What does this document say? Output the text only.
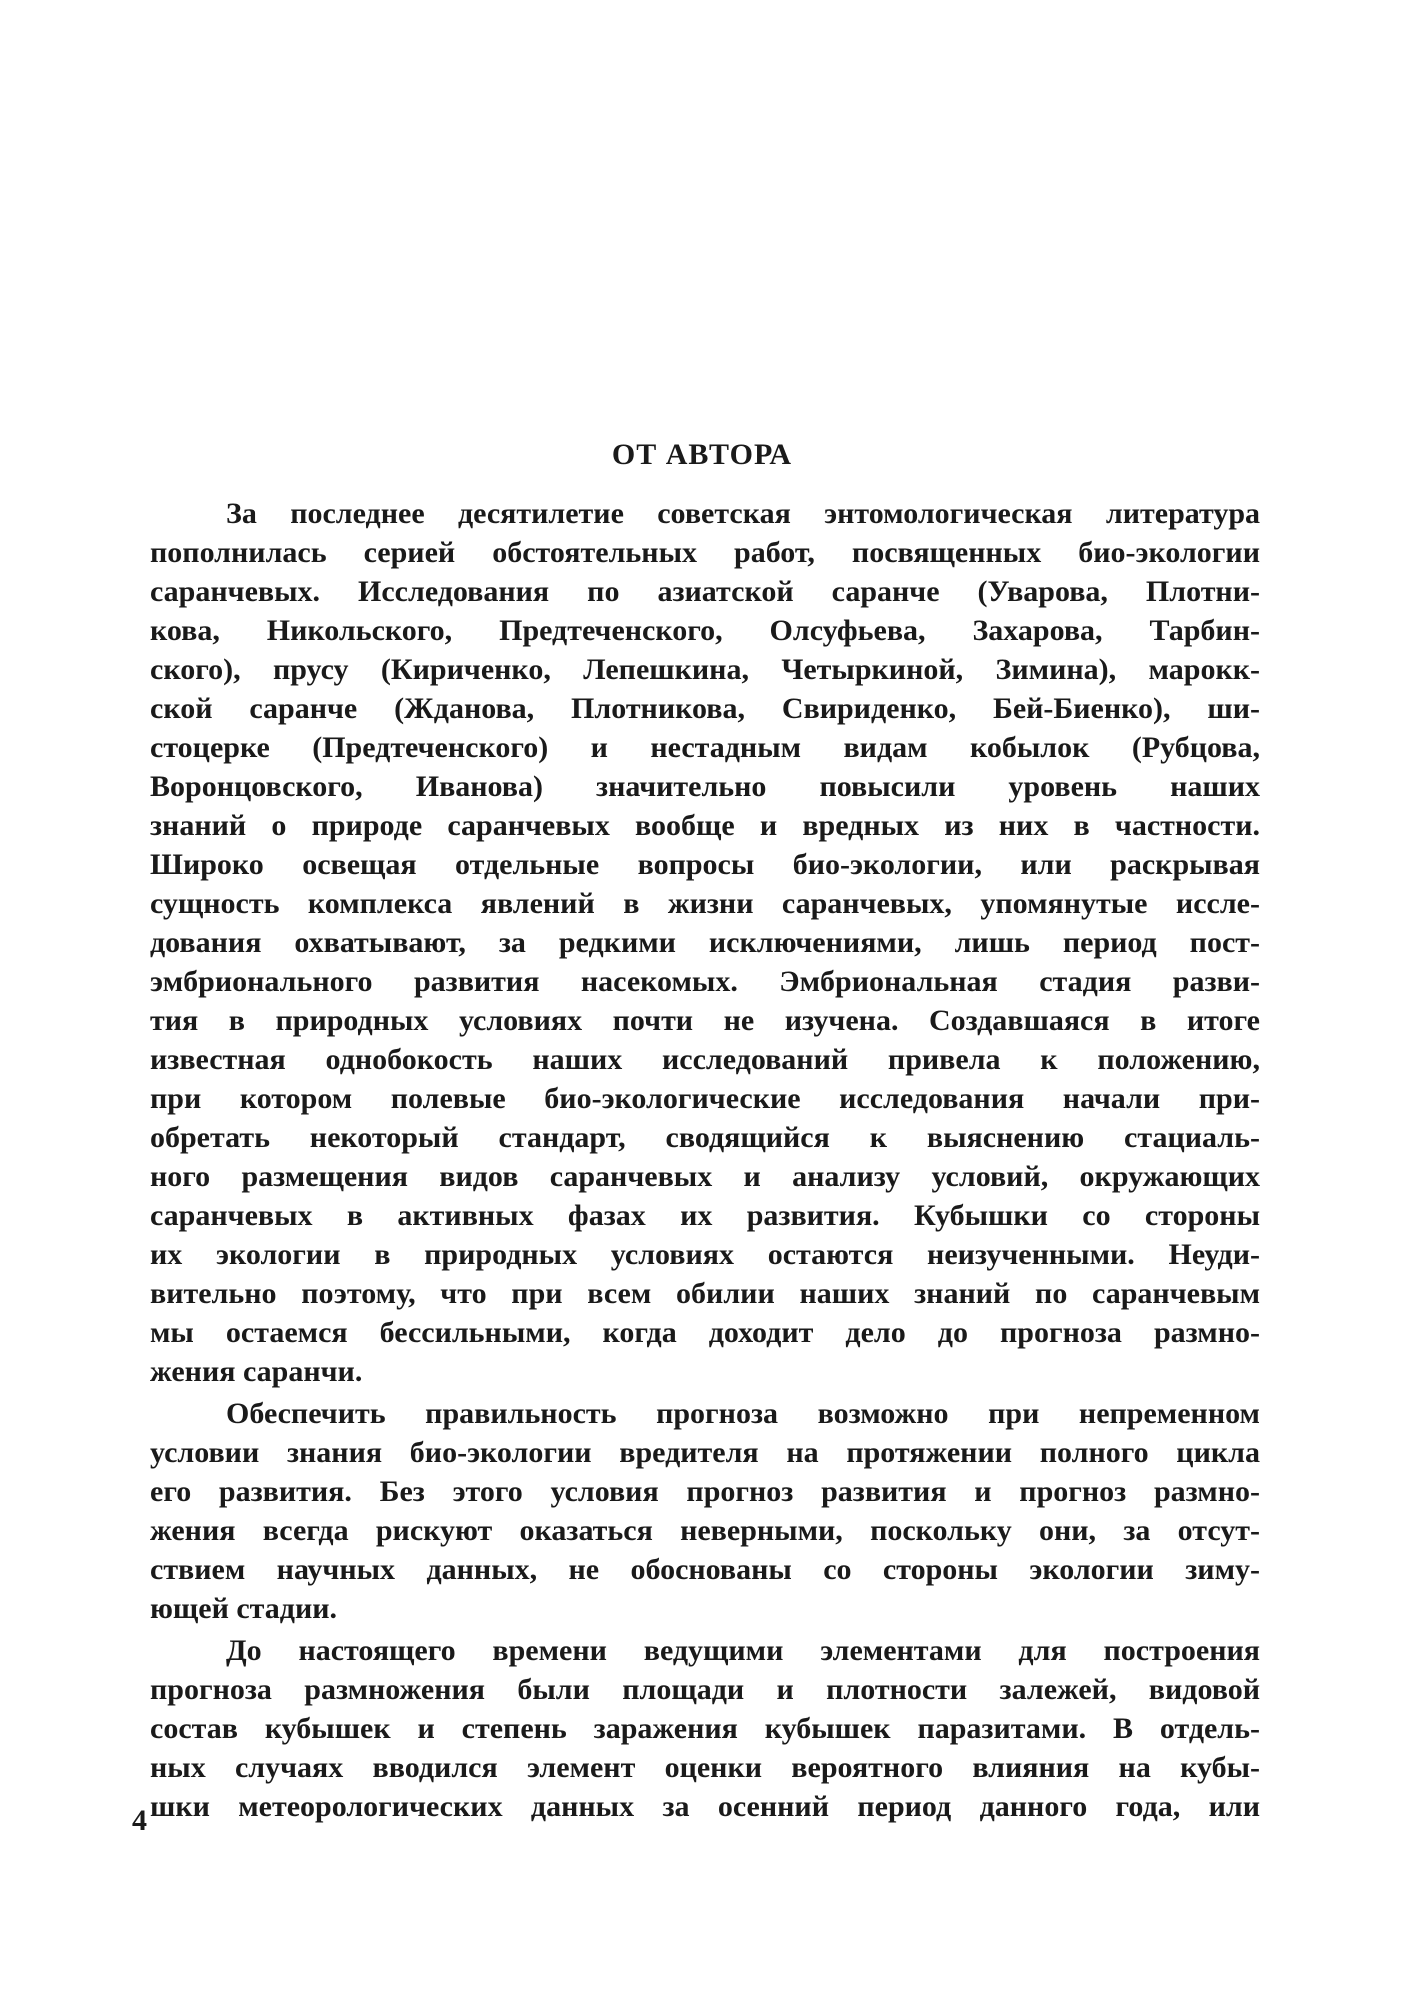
ОТ АВТОРА
За последнее десятилетие советская энтомологическая литература
пополнилась серией обстоятельных работ, посвященных био-экологии
саранчевых. Исследования по азиатской саранче (Уварова, Плотни-
кова, Никольского, Предтеченского, Олсуфьева, Захарова, Тарбин-
ского), прусу (Кириченко, Лепешкина, Четыркиной, Зимина), марокк-
ской саранче (Жданова, Плотникова, Свириденко, Бей-Биенко), ши-
стоцерке (Предтеченского) и нестадным видам кобылок (Рубцова,
Воронцовского, Иванова) значительно повысили уровень наших
знаний о природе саранчевых вообще и вредных из них в частности.
Широко освещая отдельные вопросы био-экологии, или раскрывая
сущность комплекса явлений в жизни саранчевых, упомянутые иссле-
дования охватывают, за редкими исключениями, лишь период пост-
эмбрионального развития насекомых. Эмбриональная стадия разви-
тия в природных условиях почти не изучена. Создавшаяся в итоге
известная однобокость наших исследований привела к положению,
при котором полевые био-экологические исследования начали при-
обретать некоторый стандарт, сводящийся к выяснению стациаль-
ного размещения видов саранчевых и анализу условий, окружающих
саранчевых в активных фазах их развития. Кубышки со стороны
их экологии в природных условиях остаются неизученными. Неуди-
вительно поэтому, что при всем обилии наших знаний по саранчевым
мы остаемся бессильными, когда доходит дело до прогноза размно-
жения саранчи.
Обеспечить правильность прогноза возможно при непременном
условии знания био-экологии вредителя на протяжении полного цикла
его развития. Без этого условия прогноз развития и прогноз размно-
жения всегда рискуют оказаться неверными, поскольку они, за отсут-
ствием научных данных, не обоснованы со стороны экологии зиму-
ющей стадии.
До настоящего времени ведущими элементами для построения
прогноза размножения были площади и плотности залежей, видовой
состав кубышек и степень заражения кубышек паразитами. В отдель-
ных случаях вводился элемент оценки вероятного влияния на кубы-
шки метеорологических данных за осенний период данного года, или
4
